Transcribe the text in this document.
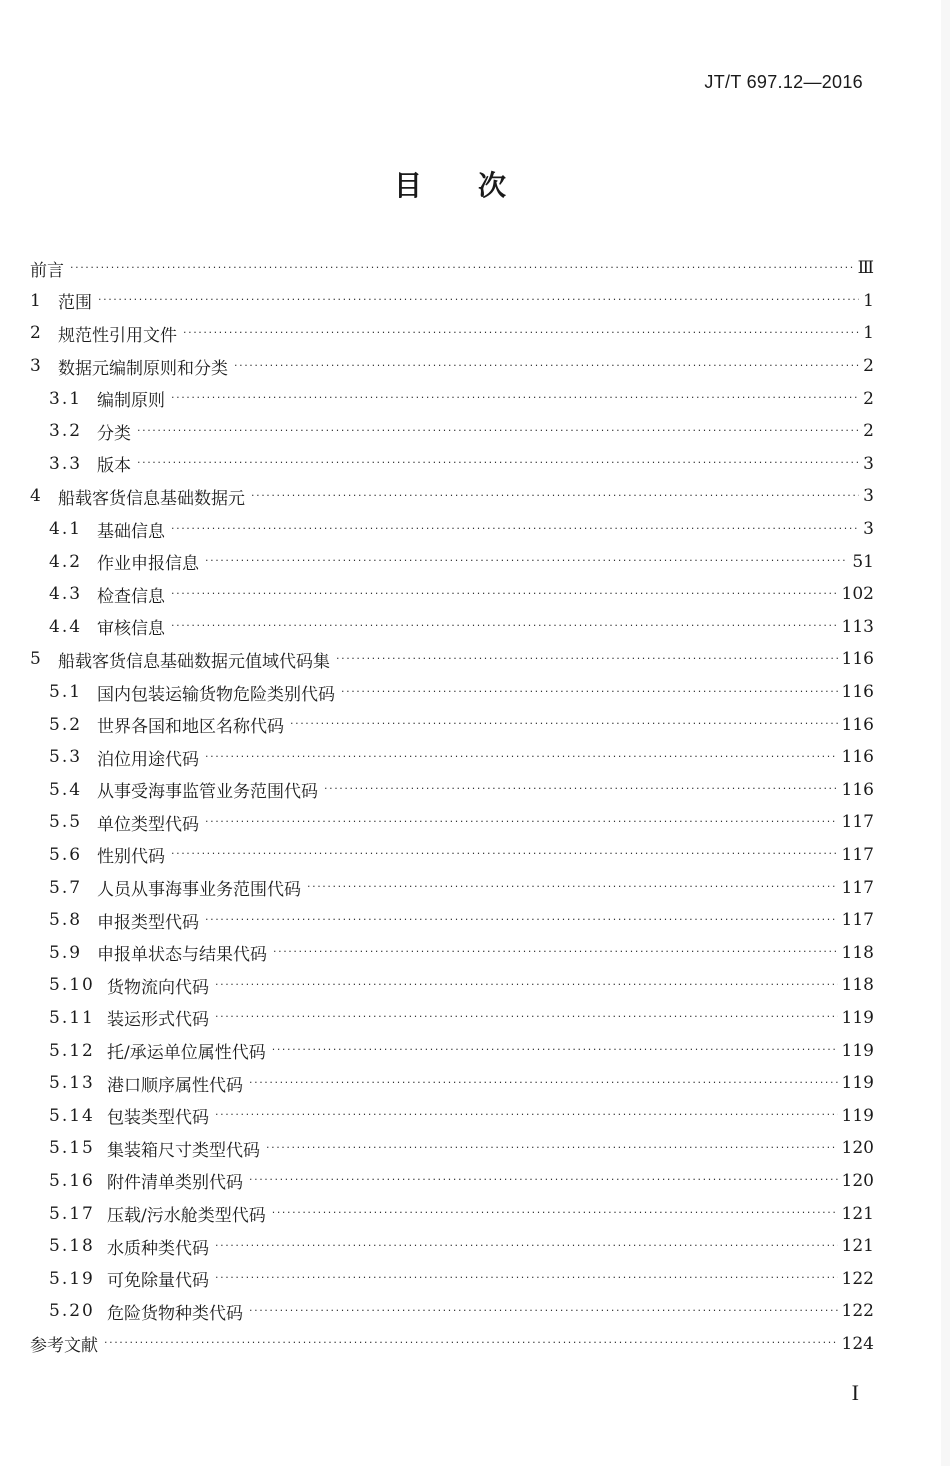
JT/T 697.12—2016
目次
前言 ·····	Ⅲ
1	范围 ·····	1
2	规范性引用文件 ·····	1
3	数据元编制原则和分类 ·····	2
3.1 编制原则 ·····	2
3.2 分类 ·····	2
3.3 版本 ·····	3
4	船载客货信息基础数据元 ·····	3
4.1 基础信息 ·····	3
4.2 作业申报信息 ·····	51
4.3 检查信息 ·····	102
4.4 审核信息 ·····	113
5	船载客货信息基础数据元值域代码集 ·····	116
5.1 国内包装运输货物危险类别代码 ·····	116
5.2 世界各国和地区名称代码 ·····	116
5.3 泊位用途代码 ·····	116
5.4 从事受海事监管业务范围代码 ·····	116
5.5 单位类型代码 ·····	117
5.6 性别代码 ·····	117
5.7 人员从事海事业务范围代码 ·····	117
5.8 申报类型代码 ·····	117
5.9 申报单状态与结果代码 ·····	118
5.10 货物流向代码 ·····	118
5.11 装运形式代码 ·····	119
5.12 托/承运单位属性代码 ·····	119
5.13 港口顺序属性代码 ·····	119
5.14 包装类型代码 ·····	119
5.15 集装箱尺寸类型代码 ·····	120
5.16 附件清单类别代码 ·····	120
5.17 压载/污水舱类型代码 ·····	121
5.18 水质种类代码 ·····	121
5.19 可免除量代码 ·····	122
5.20 危险货物种类代码 ·····	122
参考文献 ·····	124
I
